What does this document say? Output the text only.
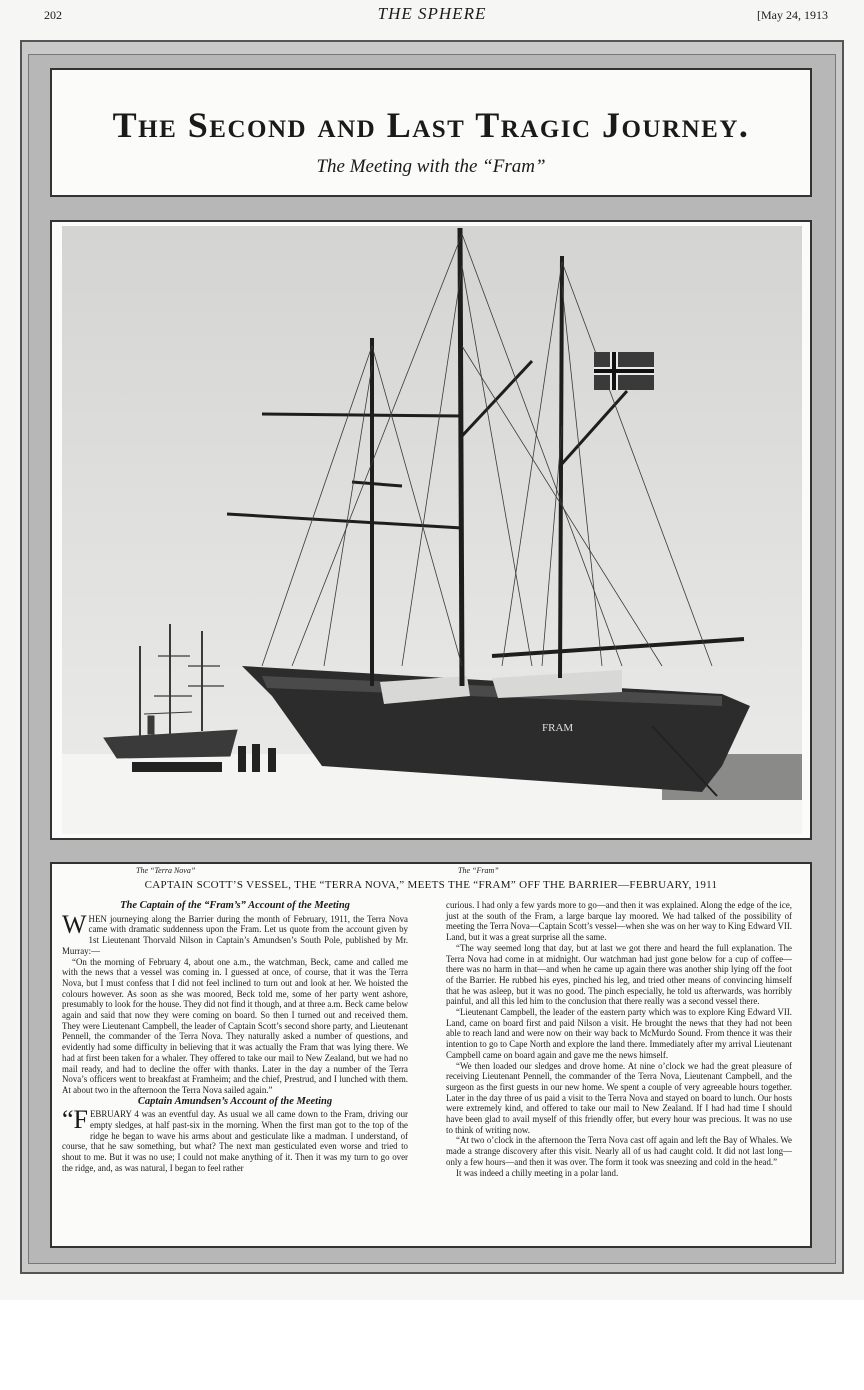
202	THE SPHERE	[May 24, 1913
The Second and Last Tragic Journey.
The Meeting with the “Fram”
FRAM
The “Terra Nova”	The “Fram”
CAPTAIN SCOTT’S VESSEL, THE “TERRA NOVA,” MEETS THE “FRAM” OFF THE BARRIER—FEBRUARY, 1911
The Captain of the “Fram’s” Account of the Meeting

WHEN journeying along the Barrier during the month of February, 1911, the Terra Nova came with dramatic suddenness upon the Fram. Let us quote from the account given by 1st Lieutenant Thorvald Nilson in Captain’s Amundsen’s South Pole, published by Mr. Murray:—

“On the morning of February 4, about one a.m., the watchman, Beck, came and called me with the news that a vessel was coming in. I guessed at once, of course, that it was the Terra Nova, but I must confess that I did not feel inclined to turn out and look at her. We hoisted the colours however. As soon as she was moored, Beck told me, some of her party went ashore, presumably to look for the house. They did not find it though, and at three a.m. Beck came below again and said that now they were coming on board. So then I turned out and received them. They were Lieutenant Campbell, the leader of Captain Scott’s second shore party, and Lieutenant Pennell, the commander of the Terra Nova. They naturally asked a number of questions, and evidently had some difficulty in believing that it was actually the Fram that was lying there. We had at first been taken for a whaler. They offered to take our mail to New Zealand, but we had no mail ready, and had to decline the offer with thanks. Later in the day a number of the Terra Nova’s officers went to breakfast at Framheim; and the chief, Prestrud, and I lunched with them. At about two in the afternoon the Terra Nova sailed again.”

Captain Amundsen’s Account of the Meeting

“FEBRUARY 4 was an eventful day. As usual we all came down to the Fram, driving our empty sledges, at half past-six in the morning. When the first man got to the top of the ridge he began to wave his arms about and gesticulate like a madman. I understand, of course, that he saw something, but what? The next man gesticulated even worse and tried to shout to me. But it was no use; I could not make anything of it. Then it was my turn to go over the ridge, and, as was natural, I began to feel rather

curious. I had only a few yards more to go—and then it was explained. Along the edge of the ice, just at the south of the Fram, a large barque lay moored. We had talked of the possibility of meeting the Terra Nova—Captain Scott’s vessel—when she was on her way to King Edward VII. Land, but it was a great surprise all the same.

“The way seemed long that day, but at last we got there and heard the full explanation. The Terra Nova had come in at midnight. Our watchman had just gone below for a cup of coffee—there was no harm in that—and when he came up again there was another ship lying off the foot of the Barrier. He rubbed his eyes, pinched his leg, and tried other means of convincing himself that he was asleep, but it was no good. The pinch especially, he told us afterwards, was horribly painful, and all this led him to the conclusion that there really was a second vessel there.

“Lieutenant Campbell, the leader of the eastern party which was to explore King Edward VII. Land, came on board first and paid Nilson a visit. He brought the news that they had not been able to reach land and were now on their way back to McMurdo Sound. From thence it was their intention to go to Cape North and explore the land there. Immediately after my arrival Lieutenant Campbell came on board again and gave me the news himself.

“We then loaded our sledges and drove home. At nine o’clock we had the great pleasure of receiving Lieutenant Pennell, the commander of the Terra Nova, Lieutenant Campbell, and the surgeon as the first guests in our new home. We spent a couple of very agreeable hours together. Later in the day three of us paid a visit to the Terra Nova and stayed on board to lunch. Our hosts were extremely kind, and offered to take our mail to New Zealand. If I had had time I should have been glad to avail myself of this friendly offer, but every hour was precious. It was no use to think of writing now.

“At two o’clock in the afternoon the Terra Nova cast off again and left the Bay of Whales. We made a strange discovery after this visit. Nearly all of us had caught cold. It did not last long—only a few hours—and then it was over. The form it took was sneezing and cold in the head.”

It was indeed a chilly meeting in a polar land.
